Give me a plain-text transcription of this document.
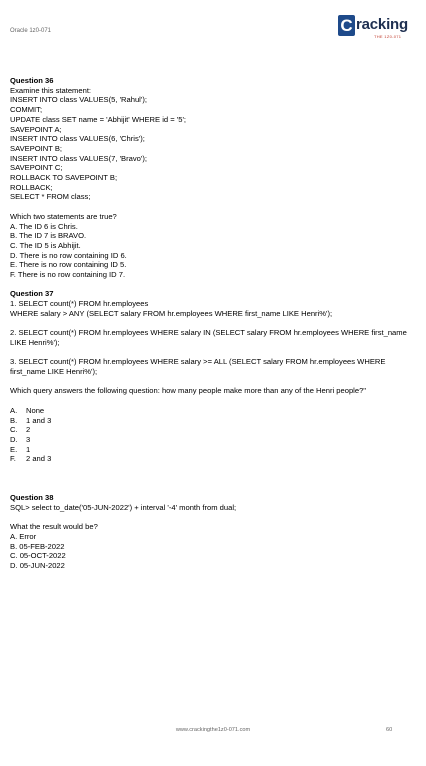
Oracle 1z0-071	C racking
THE 1Z0-071
Question 36
Examine this statement:
INSERT INTO class VALUES(5, 'Rahul');
COMMIT;
UPDATE class SET name = 'Abhijit' WHERE id = '5';
SAVEPOINT A;
INSERT INTO class VALUES(6, 'Chris');
SAVEPOINT B;
INSERT INTO class VALUES(7, 'Bravo');
SAVEPOINT C;
ROLLBACK TO SAVEPOINT B;
ROLLBACK;
SELECT * FROM class;
Which two statements are true?
A. The ID 6 is Chris.
B. The ID 7 is BRAVO.
C. The ID 5 is Abhijit.
D. There is no row containing ID 6.
E. There is no row containing ID 5.
F. There is no row containing ID 7.
Question 37
1. SELECT count(*) FROM hr.employees
WHERE salary > ANY (SELECT salary FROM hr.employees WHERE first_name LIKE Henri%');
2. SELECT count(*) FROM hr.employees WHERE salary IN (SELECT salary FROM hr.employees WHERE first_name LIKE Henri%');
3. SELECT count(*) FROM hr.employees WHERE salary >= ALL (SELECT salary FROM hr.employees WHERE first_name LIKE Henri%');
Which query answers the following question: how many people make more than any of the Henri people?"
A.	None
B.	1 and 3
C.	2
D.	3
E.	1
F.	2 and 3
Question 38
SQL> select to_date('05-JUN-2022') + interval '-4' month from dual;
What the result would be?
A. Error
B. 05-FEB-2022
C. 05-OCT-2022
D. 05-JUN-2022
www.crackingthe1z0-071.com	60
